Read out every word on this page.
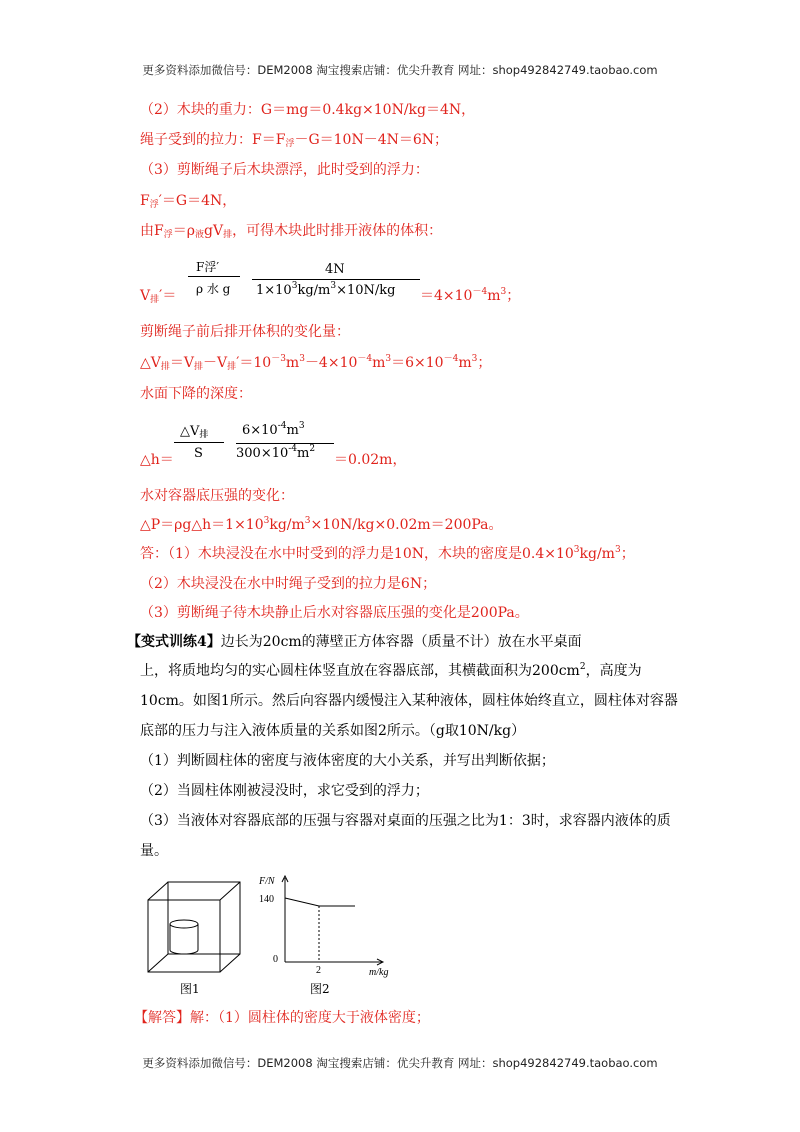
更多资料添加微信号：DEM2008 淘宝搜索店铺：优尖升教育 网址：shop492842749.taobao.com
（2）木块的重力：G＝mg＝0.4kg×10N/kg＝4N，
绳子受到的拉力：$F=F_浮-G=10N-4N=6N$；
（3）剪断绳子后木块漂浮，此时受到的浮力：
$F_浮'=G=4N$，
由$F_浮=\rho_液gV_排$，可得木块此时排开液体的体积：
$V_排'=$
F浮′
ρ 水 g
4N
$1\times 10^3kg/m^3\times 10N/kg =4\times 10^{-4}m^3$；
剪断绳子前后排开体积的变化量：
$\triangle V_排=V_排-V_排'=10^{-3}m^3-4\times 10^{-4}m^3=6\times 10^{-4}m^3$；
水面下降的深度：
△h＝
$\triangle V_排$
S
$6\times 10^{-4}m^3$
$300\times 10^{-4}m^2$
＝0.02m，
水对容器底压强的变化：
$\triangle P=\rho g\triangle h=1\times 10^3kg/m^3\times 10N/kg\times 0.02m=200Pa$。
答：（1）木块浸没在水中时受到的浮力是10N，木块的密度是$0.4\times 10^3kg/m^3$；
（2）木块浸没在水中时绳子受到的拉力是6N；
（3）剪断绳子待木块静止后水对容器底压强的变化是200Pa。
【变式训练4】边长为20cm的薄壁正方体容器（质量不计）放在水平桌面
上，将质地均匀的实心圆柱体竖直放在容器底部，其横截面积为$200cm^2$，高度为
10cm。如图1所示。然后向容器内缓慢注入某种液体，圆柱体始终直立，圆柱体对容器
底部的压力与注入液体质量的关系如图2所示。（g取10N/kg）
（1）判断圆柱体的密度与液体密度的大小关系，并写出判断依据；
（2）当圆柱体刚被浸没时，求它受到的浮力；
（3）当液体对容器底部的压强与容器对桌面的压强之比为1：3时，求容器内液体的质
量。
图1
F/N
140
0
2	m/kg
图2
【解答】解：（1）圆柱体的密度大于液体密度；
更多资料添加微信号：DEM2008 淘宝搜索店铺：优尖升教育 网址：shop492842749.taobao.com
